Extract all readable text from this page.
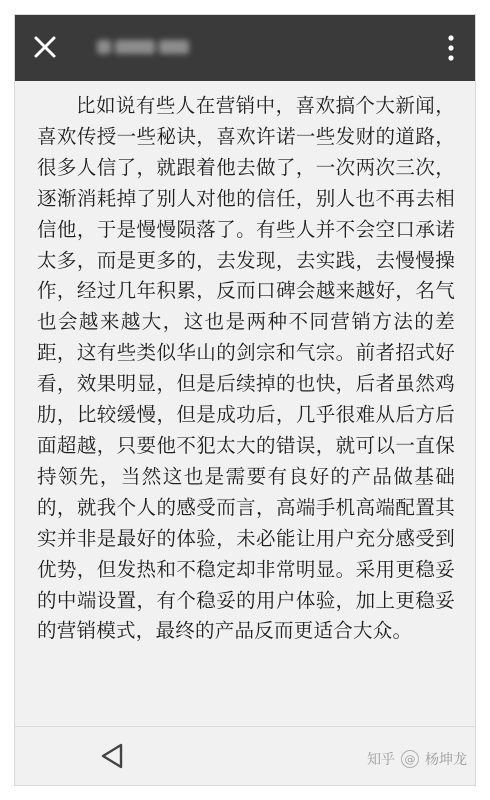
比如说有些人在营销中，喜欢搞个大新闻，喜欢传授一些秘诀，喜欢许诺一些发财的道路，很多人信了，就跟着他去做了，一次两次三次，逐渐消耗掉了别人对他的信任，别人也不再去相信他，于是慢慢陨落了。有些人并不会空口承诺太多，而是更多的，去发现，去实践，去慢慢操作，经过几年积累，反而口碑会越来越好，名气也会越来越大，这也是两种不同营销方法的差距，这有些类似华山的剑宗和气宗。前者招式好看，效果明显，但是后续掉的也快，后者虽然鸡肋，比较缓慢，但是成功后，几乎很难从后方后面超越，只要他不犯太大的错误，就可以一直保持领先，当然这也是需要有良好的产品做基础的，就我个人的感受而言，高端手机高端配置其实并非是最好的体验，未必能让用户充分感受到优势，但发热和不稳定却非常明显。采用更稳妥的中端设置，有个稳妥的用户体验，加上更稳妥的营销模式，最终的产品反而更适合大众。

知乎 @ 杨坤龙
